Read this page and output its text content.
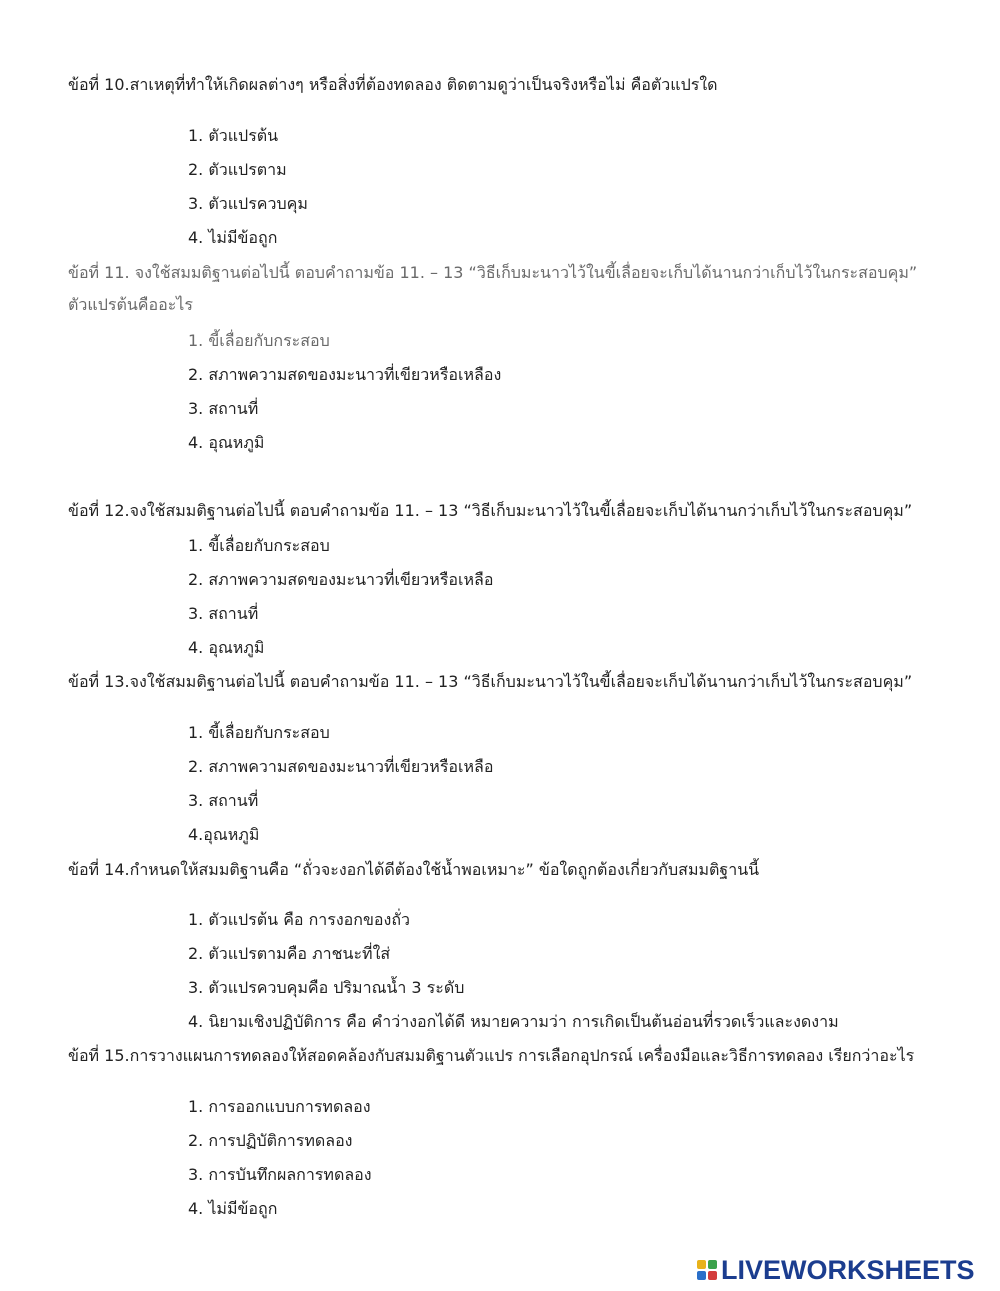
ข้อที่ 10.สาเหตุที่ทำให้เกิดผลต่างๆ หรือสิ่งที่ต้องทดลอง ติดตามดูว่าเป็นจริงหรือไม่ คือตัวแปรใด
1. ตัวแปรต้น
2. ตัวแปรตาม
3. ตัวแปรควบคุม
4. ไม่มีข้อถูก
ข้อที่ 11. จงใช้สมมติฐานต่อไปนี้ ตอบคำถามข้อ 11. – 13 “วิธีเก็บมะนาวไว้ในขี้เลื่อยจะเก็บได้นานกว่าเก็บไว้ในกระสอบคุม”
ตัวแปรต้นคืออะไร
1. ขี้เลื่อยกับกระสอบ
2. สภาพความสดของมะนาวที่เขียวหรือเหลือง
3. สถานที่
4. อุณหภูมิ
ข้อที่ 12.จงใช้สมมติฐานต่อไปนี้ ตอบคำถามข้อ 11. – 13 “วิธีเก็บมะนาวไว้ในขี้เลื่อยจะเก็บได้นานกว่าเก็บไว้ในกระสอบคุม”
1. ขี้เลื่อยกับกระสอบ
2. สภาพความสดของมะนาวที่เขียวหรือเหลือ
3. สถานที่
4. อุณหภูมิ
ข้อที่ 13.จงใช้สมมติฐานต่อไปนี้ ตอบคำถามข้อ 11. – 13 “วิธีเก็บมะนาวไว้ในขี้เลื่อยจะเก็บได้นานกว่าเก็บไว้ในกระสอบคุม”
1. ขี้เลื่อยกับกระสอบ
2. สภาพความสดของมะนาวที่เขียวหรือเหลือ
3. สถานที่
4.อุณหภูมิ
ข้อที่ 14.กำหนดให้สมมติฐานคือ “ถั่วจะงอกได้ดีต้องใช้น้ำพอเหมาะ” ข้อใดถูกต้องเกี่ยวกับสมมติฐานนี้
1. ตัวแปรต้น คือ การงอกของถั่ว
2. ตัวแปรตามคือ ภาชนะที่ใส่
3. ตัวแปรควบคุมคือ ปริมาณน้ำ 3 ระดับ
4. นิยามเชิงปฏิบัติการ คือ คำว่างอกได้ดี หมายความว่า การเกิดเป็นต้นอ่อนที่รวดเร็วและงดงาม
ข้อที่ 15.การวางแผนการทดลองให้สอดคล้องกับสมมติฐานตัวแปร การเลือกอุปกรณ์ เครื่องมือและวิธีการทดลอง เรียกว่าอะไร
1. การออกแบบการทดลอง
2. การปฏิบัติการทดลอง
3. การบันทึกผลการทดลอง
4. ไม่มีข้อถูก
LIVEWORKSHEETS
